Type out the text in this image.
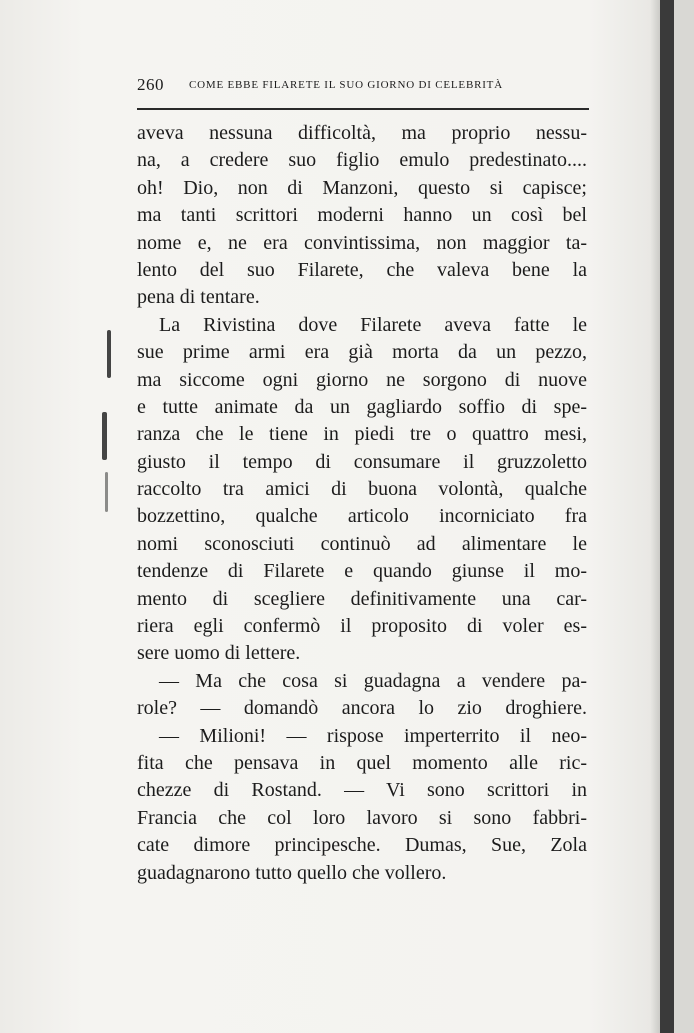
260 COME EBBE FILARETE IL SUO GIORNO DI CELEBRITÀ
aveva nessuna difficoltà, ma proprio nessu-
na, a credere suo figlio emulo predestinato....
oh! Dio, non di Manzoni, questo si capisce;
ma tanti scrittori moderni hanno un così bel
nome e, ne era convintissima, non maggior ta-
lento del suo Filarete, che valeva bene la
pena di tentare.
La Rivistina dove Filarete aveva fatte le
sue prime armi era già morta da un pezzo,
ma siccome ogni giorno ne sorgono di nuove
e tutte animate da un gagliardo soffio di spe-
ranza che le tiene in piedi tre o quattro mesi,
giusto il tempo di consumare il gruzzoletto
raccolto tra amici di buona volontà, qualche
bozzettino, qualche articolo incorniciato fra
nomi sconosciuti continuò ad alimentare le
tendenze di Filarete e quando giunse il mo-
mento di scegliere definitivamente una car-
riera egli confermò il proposito di voler es-
sere uomo di lettere.
— Ma che cosa si guadagna a vendere pa-
role? — domandò ancora lo zio droghiere.
— Milioni! — rispose imperterrito il neo-
fita che pensava in quel momento alle ric-
chezze di Rostand. — Vi sono scrittori in
Francia che col loro lavoro si sono fabbri-
cate dimore principesche. Dumas, Sue, Zola
guadagnarono tutto quello che vollero.
